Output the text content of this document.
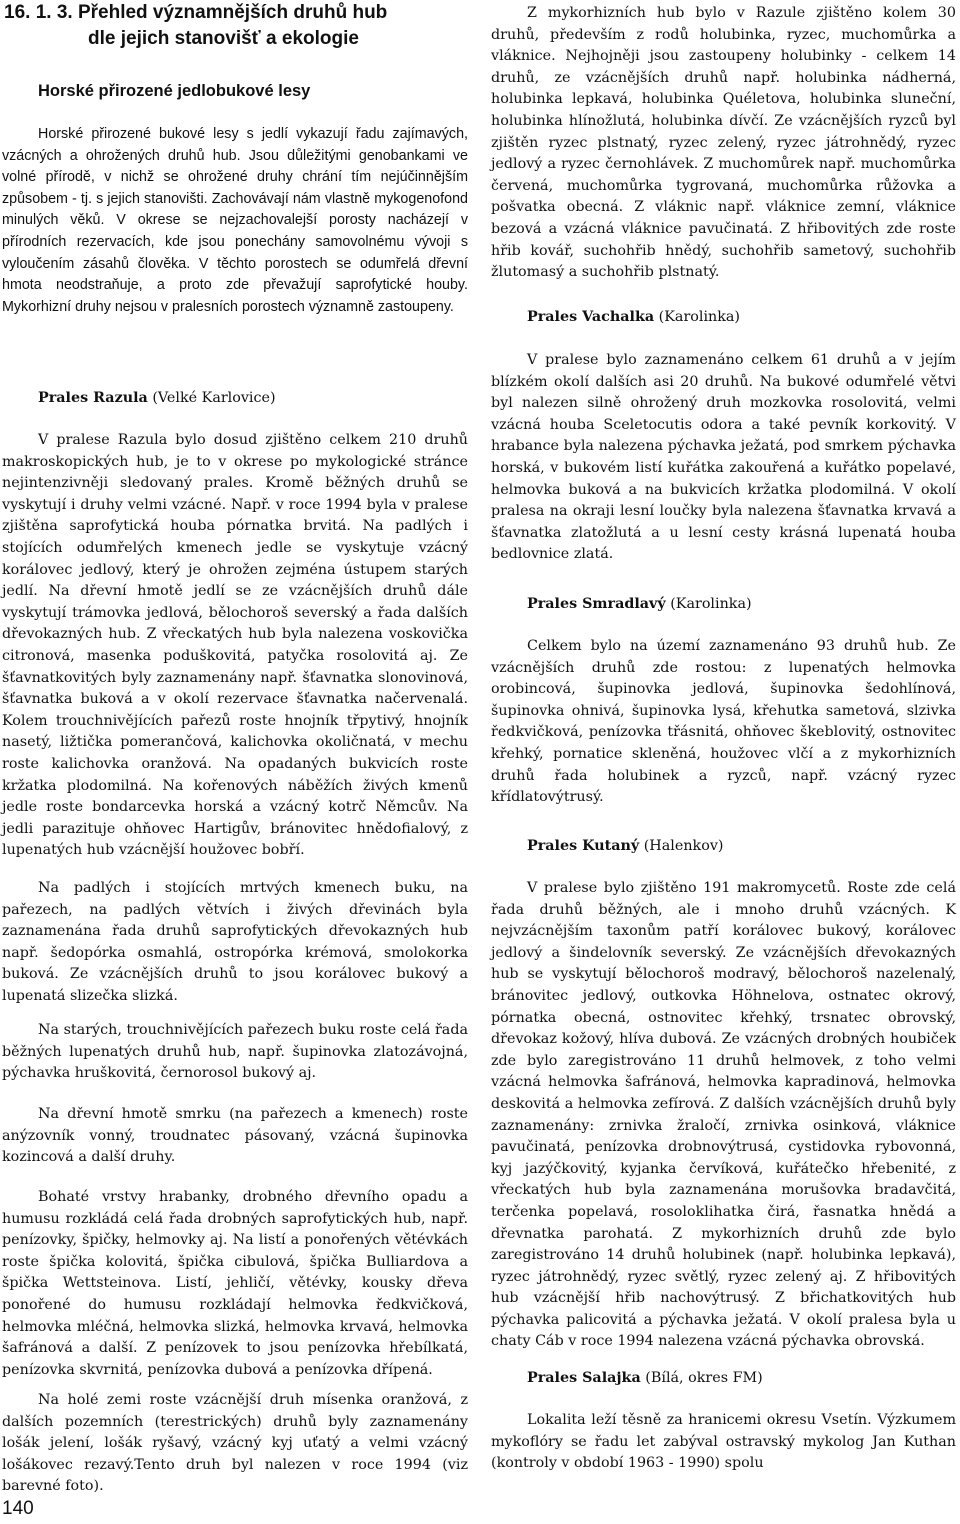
16. 1. 3. Přehled významnějších druhů hub
dle jejich stanovišť a ekologie
Horské přirozené jedlobukové lesy
Horské přirozené bukové lesy s jedlí vykazují řadu zajímavých, vzácných a ohrožených druhů hub. Jsou důležitými genobankami ve volné přírodě, v nichž se ohrožené druhy chrání tím nejúčinnějším způsobem - tj. s jejich stanovišti. Zachovávají nám vlastně mykogenofond minulých věků. V okrese se nejzachovalejší porosty nacházejí v přírodních rezervacích, kde jsou ponechány samovolnému vývoji s vyloučením zásahů člověka. V těchto porostech se odumřelá dřevní hmota neodstraňuje, a proto zde převažují saprofytické houby. Mykorhizní druhy nejsou v pralesních porostech významně zastoupeny.
Prales Razula (Velké Karlovice)
V pralese Razula bylo dosud zjištěno celkem 210 druhů makroskopických hub, je to v okrese po mykologické stránce nejintenzivněji sledovaný prales. Kromě běžných druhů se vyskytují i druhy velmi vzácné. Např. v roce 1994 byla v pralese zjištěna saprofytická houba pórnatka brvitá. Na padlých i stojících odumřelých kmenech jedle se vyskytuje vzácný korálovec jedlový, který je ohrožen zejména ústupem starých jedlí. Na dřevní hmotě jedlí se ze vzácnějších druhů dále vyskytují trámovka jedlová, bělochoroš severský a řada dalších dřevokazných hub. Z vřeckatých hub byla nalezena voskovička citronová, masenka poduškovitá, patyčka rosolovitá aj. Ze šťavnatkovitých byly zaznamenány např. šťavnatka slonovinová, šťavnatka buková a v okolí rezervace šťavnatka načervenalá. Kolem trouchnivějících pařezů roste hnojník třpytivý, hnojník nasetý, ližtička pomerančová, kalichovka okoličnatá, v mechu roste kalichovka oranžová. Na opadaných bukvicích roste kržatka plodomilná. Na kořenových náběžích živých kmenů jedle roste bondarcevka horská a vzácný kotrč Němcův. Na jedli parazituje ohňovec Hartigův, bránovitec hnědofialový, z lupenatých hub vzácnější houžovec bobří.
Na padlých i stojících mrtvých kmenech buku, na pařezech, na padlých větvích i živých dřevinách byla zaznamenána řada druhů saprofytických dřevokazných hub např. šedopórka osmahlá, ostropórka krémová, smolokorka buková. Ze vzácnějších druhů to jsou korálovec bukový a lupenatá slizečka slizká.
Na starých, trouchnivějících pařezech buku roste celá řada běžných lupenatých druhů hub, např. šupinovka zlatozávojná, pýchavka hruškovitá, černorosol bukový aj.
Na dřevní hmotě smrku (na pařezech a kmenech) roste anýzovník vonný, troudnatec pásovaný, vzácná šupinovka kozincová a další druhy.
Bohaté vrstvy hrabanky, drobného dřevního opadu a humusu rozkládá celá řada drobných saprofytických hub, např. penízovky, špičky, helmovky aj. Na listí a ponořených větévkách roste špička kolovitá, špička cibulová, špička Bulliardova a špička Wettsteinova. Listí, jehličí, větévky, kousky dřeva ponořené do humusu rozkládají helmovka ředkvičková, helmovka mléčná, helmovka slizká, helmovka krvavá, helmovka šafránová a další. Z penízovek to jsou penízovka hřebílkatá, penízovka skvrnitá, penízovka dubová a penízovka dřípená.
Na holé zemi roste vzácnější druh mísenka oranžová, z dalších pozemních (terestrických) druhů byly zaznamenány lošák jelení, lošák ryšavý, vzácný kyj uťatý a velmi vzácný lošákovec rezavý.Tento druh byl nalezen v roce 1994 (viz barevné foto).
Z mykorhizních hub bylo v Razule zjištěno kolem 30 druhů, především z rodů holubinka, ryzec, muchomůrka a vláknice. Nejhojněji jsou zastoupeny holubinky - celkem 14 druhů, ze vzácnějších druhů např. holubinka nádherná, holubinka lepkavá, holubinka Quéletova, holubinka sluneční, holubinka hlínožlutá, holubinka dívčí. Ze vzácnějších ryzců byl zjištěn ryzec plstnatý, ryzec zelený, ryzec játrohnědý, ryzec jedlový a ryzec černohlávek. Z muchomůrek např. muchomůrka červená, muchomůrka tygrovaná, muchomůrka růžovka a pošvatka obecná. Z vláknic např. vláknice zemní, vláknice bezová a vzácná vláknice pavučinatá. Z hřibovitých zde roste hřib kovář, suchohřib hnědý, suchohřib sametový, suchohřib žlutomasý a suchohřib plstnatý.
Prales Vachalka (Karolinka)
V pralese bylo zaznamenáno celkem 61 druhů a v jejím blízkém okolí dalších asi 20 druhů. Na bukové odumřelé větvi byl nalezen silně ohrožený druh mozkovka rosolovitá, velmi vzácná houba Sceletocutis odora a také pevník korkovitý. V hrabance byla nalezena pýchavka ježatá, pod smrkem pýchavka horská, v bukovém listí kuřátka zakouřená a kuřátko popelavé, helmovka buková a na bukvicích kržatka plodomilná. V okolí pralesa na okraji lesní loučky byla nalezena šťavnatka krvavá a šťavnatka zlatožlutá a u lesní cesty krásná lupenatá houba bedlovnice zlatá.
Prales Smradlavý (Karolinka)
Celkem bylo na území zaznamenáno 93 druhů hub. Ze vzácnějších druhů zde rostou: z lupenatých helmovka orobincová, šupinovka jedlová, šupinovka šedohlínová, šupinovka ohnivá, šupinovka lysá, křehutka sametová, slzivka ředkvičková, penízovka třásnitá, ohňovec škeblovitý, ostnovitec křehký, pornatice skleněná, houžovec vlčí a z mykorhizních druhů řada holubinek a ryzců, např. vzácný ryzec křídlatovýtrusý.
Prales Kutaný (Halenkov)
V pralese bylo zjištěno 191 makromycetů. Roste zde celá řada druhů běžných, ale i mnoho druhů vzácných. K nejvzácnějším taxonům patří korálovec bukový, korálovec jedlový a šindelovník severský. Ze vzácnějších dřevokazných hub se vyskytují bělochoroš modravý, bělochoroš nazelenalý, bránovitec jedlový, outkovka Höhnelova, ostnatec okrový, pórnatka obecná, ostnovitec křehký, trsnatec obrovský, dřevokaz kožový, hlíva dubová. Ze vzácných drobných houbiček zde bylo zaregistrováno 11 druhů helmovek, z toho velmi vzácná helmovka šafránová, helmovka kapradinová, helmovka deskovitá a helmovka zefírová. Z dalších vzácnějších druhů byly zaznamenány: zrnivka žraločí, zrnivka osinková, vláknice pavučinatá, penízovka drobnovýtrusá, cystidovka rybovonná, kyj jazýčkovitý, kyjanka červíková, kuřátečko hřebenité, z vřeckatých hub byla zaznamenána morušovka bradavčitá, terčenka popelavá, rosoloklihatka čirá, řasnatka hnědá a dřevnatka parohatá. Z mykorhizních druhů zde bylo zaregistrováno 14 druhů holubinek (např. holubinka lepkavá), ryzec játrohnědý, ryzec světlý, ryzec zelený aj. Z hřibovitých hub vzácnější hřib nachovýtrusý. Z břichatkovitých hub pýchavka palicovitá a pýchavka ježatá. V okolí pralesa byla u chaty Cáb v roce 1994 nalezena vzácná pýchavka obrovská.
Prales Salajka (Bílá, okres FM)
Lokalita leží těsně za hranicemi okresu Vsetín. Výzkumem mykoflóry se řadu let zabýval ostravský mykolog Jan Kuthan (kontroly v období 1963 - 1990) spolu
140
